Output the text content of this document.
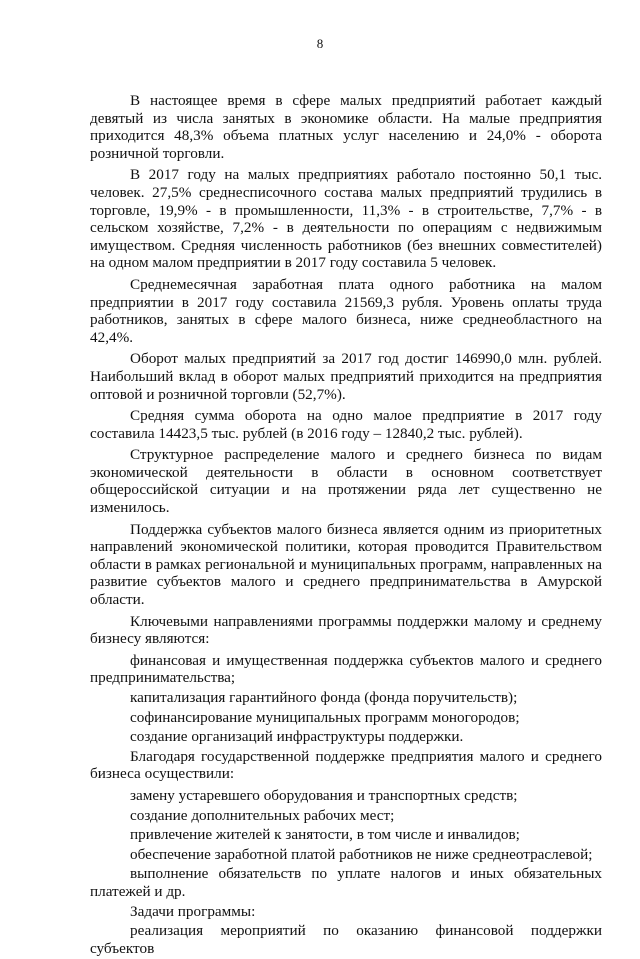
8

В настоящее время в сфере малых предприятий работает каждый девятый из числа занятых в экономике области. На малые предприятия приходится 48,3% объема платных услуг населению и 24,0% - оборота розничной торговли.

В 2017 году на малых предприятиях работало постоянно 50,1 тыс. человек. 27,5% среднесписочного состава малых предприятий трудились в торговле, 19,9% - в промышленности, 11,3% - в строительстве, 7,7% - в сельском хозяйстве, 7,2% - в деятельности по операциям с недвижимым имуществом. Средняя численность работников (без внешних совместителей) на одном малом предприятии в 2017 году составила 5 человек.

Среднемесячная заработная плата одного работника на малом предприятии в 2017 году составила 21569,3 рубля. Уровень оплаты труда работников, занятых в сфере малого бизнеса, ниже среднеобластного на 42,4%.

Оборот малых предприятий за 2017 год достиг 146990,0 млн. рублей. Наибольший вклад в оборот малых предприятий приходится на предприятия оптовой и розничной торговли (52,7%).

Средняя сумма оборота на одно малое предприятие в 2017 году составила 14423,5 тыс. рублей (в 2016 году – 12840,2 тыс. рублей).

Структурное распределение малого и среднего бизнеса по видам экономической деятельности в области в основном соответствует общероссийской ситуации и на протяжении ряда лет существенно не изменилось.

Поддержка субъектов малого бизнеса является одним из приоритетных направлений экономической политики, которая проводится Правительством области в рамках региональной и муниципальных программ, направленных на развитие субъектов малого и среднего предпринимательства в Амурской области.

Ключевыми направлениями программы поддержки малому и среднему бизнесу являются:

финансовая и имущественная поддержка субъектов малого и среднего предпринимательства;

капитализация гарантийного фонда (фонда поручительств);

софинансирование муниципальных программ моногородов;

создание организаций инфраструктуры поддержки.

Благодаря государственной поддержке предприятия малого и среднего бизнеса осуществили:

замену устаревшего оборудования и транспортных средств;

создание дополнительных рабочих мест;

привлечение жителей к занятости, в том числе и инвалидов;

обеспечение заработной платой работников не ниже среднеотраслевой;

выполнение обязательств по уплате налогов и иных обязательных платежей и др.

Задачи программы:

реализация мероприятий по оказанию финансовой поддержки субъектов
